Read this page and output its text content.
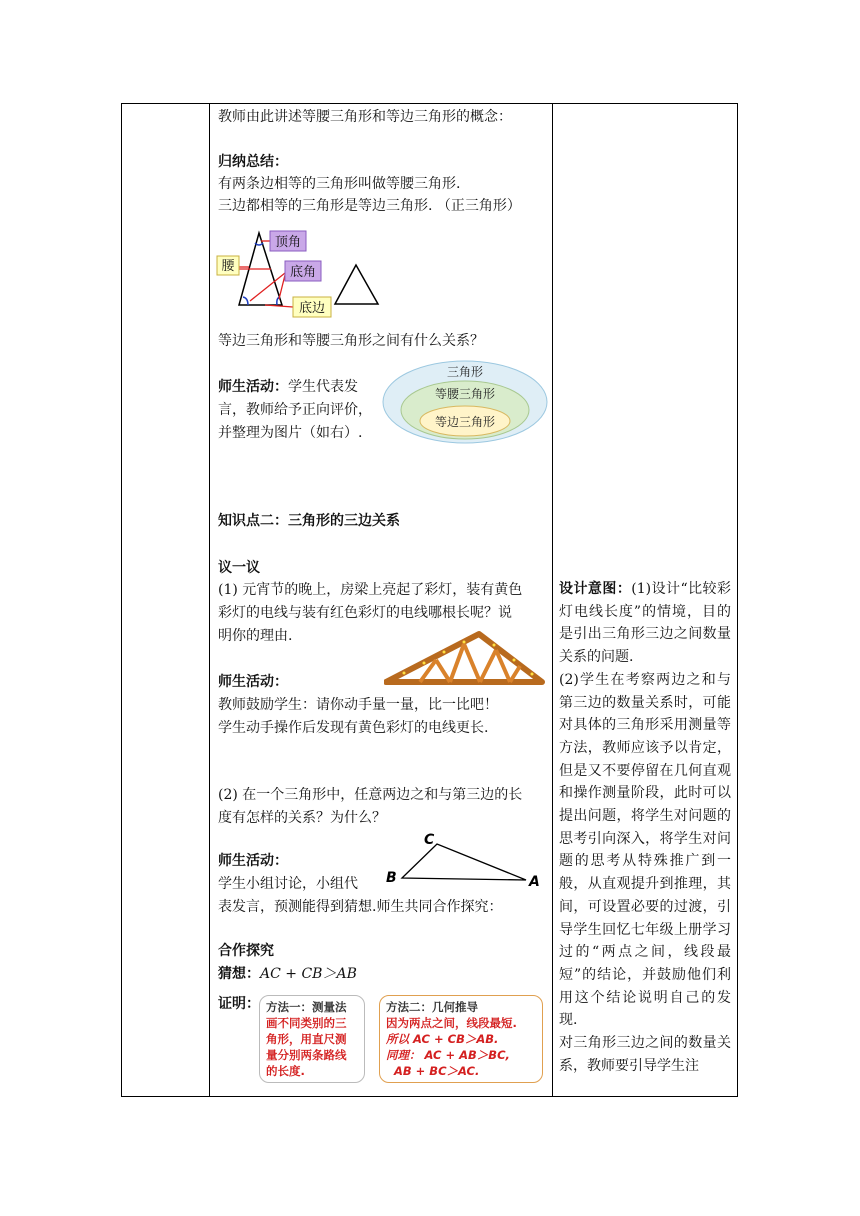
教师由此讲述等腰三角形和等边三角形的概念：
归纳总结：
有两条边相等的三角形叫做等腰三角形.
三边都相等的三角形是等边三角形. （正三角形）
顶角
腰	底角
底边
等边三角形和等腰三角形之间有什么关系？
师生活动：学生代表发
言，教师给予正向评价，
并整理为图片（如右）.
三角形
等腰三角形
等边三角形
知识点二：三角形的三边关系
议一议
(1) 元宵节的晚上，房梁上亮起了彩灯，装有黄色
彩灯的电线与装有红色彩灯的电线哪根长呢？说
明你的理由.
师生活动：
教师鼓励学生：请你动手量一量，比一比吧！
学生动手操作后发现有黄色彩灯的电线更长.
(2) 在一个三角形中，任意两边之和与第三边的长
度有怎样的关系？为什么？
C
B	A
师生活动：
学生小组讨论，小组代
表发言，预测能得到猜想.师生共同合作探究：
合作探究
猜想：AC + CB＞AB
证明： 方法一：测量法
画不同类别的三
角形，用直尺测
量分别两条路线
的长度.
方法二：几何推导
因为两点之间，线段最短.
所以 AC + CB＞AB.
同理： AC + AB＞BC,
AB + BC＞AC.
设计意图：(1)设计“比较彩灯电线长度”的情境，目的是引出三角形三边之间数量关系的问题.
(2)学生在考察两边之和与第三边的数量关系时，可能对具体的三角形采用测量等方法，教师应该予以肯定，但是又不要停留在几何直观和操作测量阶段，此时可以提出问题，将学生对问题的思考引向深入，将学生对问题的思考从特殊推广到一般，从直观提升到推理，其间，可设置必要的过渡，引导学生回忆七年级上册学习过的“两点之间，线段最短”的结论，并鼓励他们利用这个结论说明自己的发现.
对三角形三边之间的数量关系，教师要引导学生注
